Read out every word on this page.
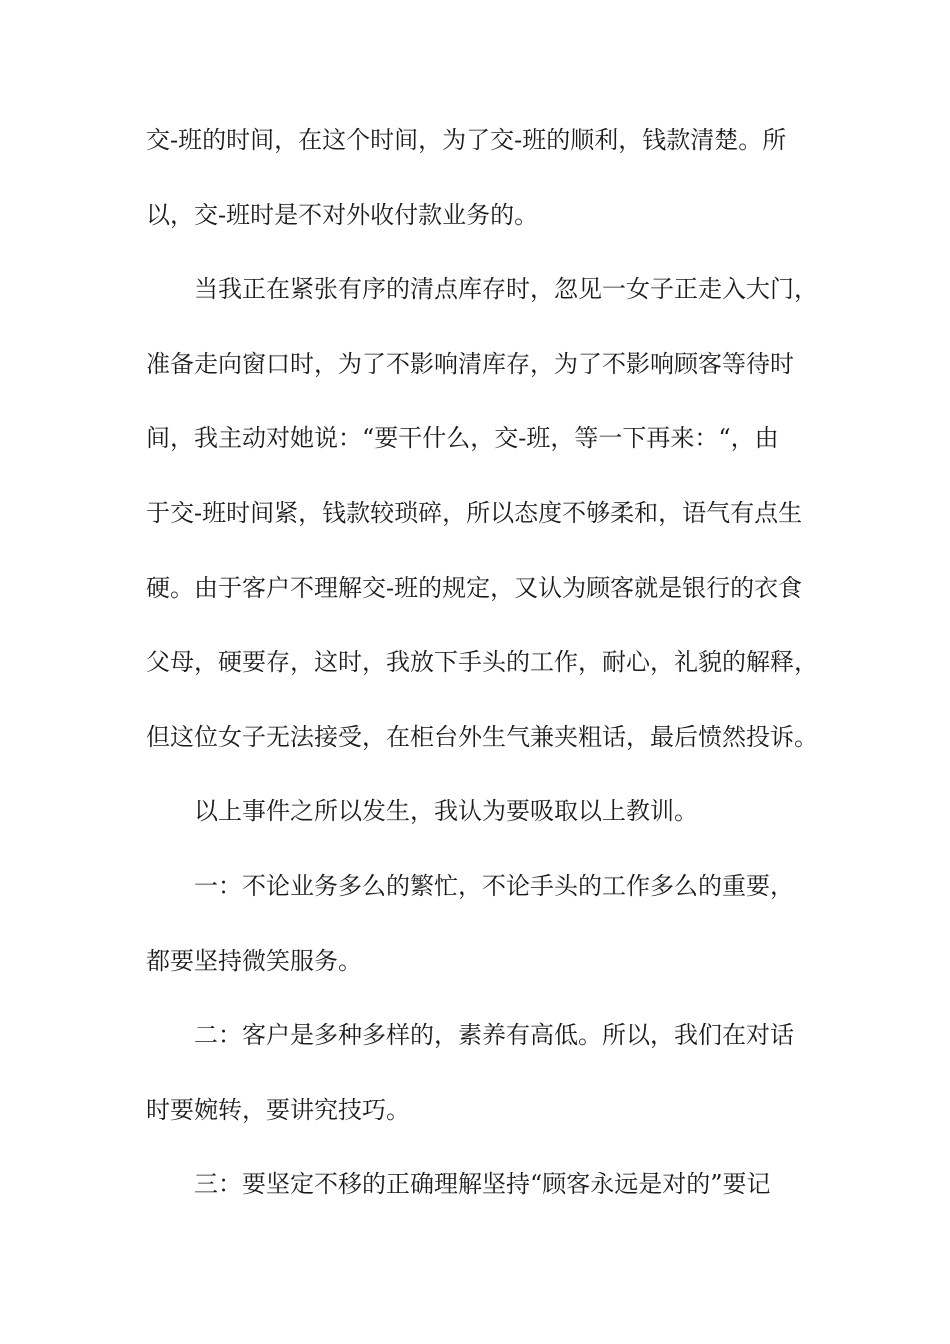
交-班的时间，在这个时间，为了交-班的顺利，钱款清楚。所
以，交-班时是不对外收付款业务的。
当我正在紧张有序的清点库存时，忽见一女子正走入大门，
准备走向窗口时，为了不影响清库存，为了不影响顾客等待时
间，我主动对她说：“要干什么，交-班，等一下再来：“，由
于交-班时间紧，钱款较琐碎，所以态度不够柔和，语气有点生
硬。由于客户不理解交-班的规定，又认为顾客就是银行的衣食
父母，硬要存，这时，我放下手头的工作，耐心，礼貌的解释，
但这位女子无法接受，在柜台外生气兼夹粗话，最后愤然投诉。
以上事件之所以发生，我认为要吸取以上教训。
一：不论业务多么的繁忙，不论手头的工作多么的重要，
都要坚持微笑服务。
二：客户是多种多样的，素养有高低。所以，我们在对话
时要婉转，要讲究技巧。
三：要坚定不移的正确理解坚持“顾客永远是对的”要记
